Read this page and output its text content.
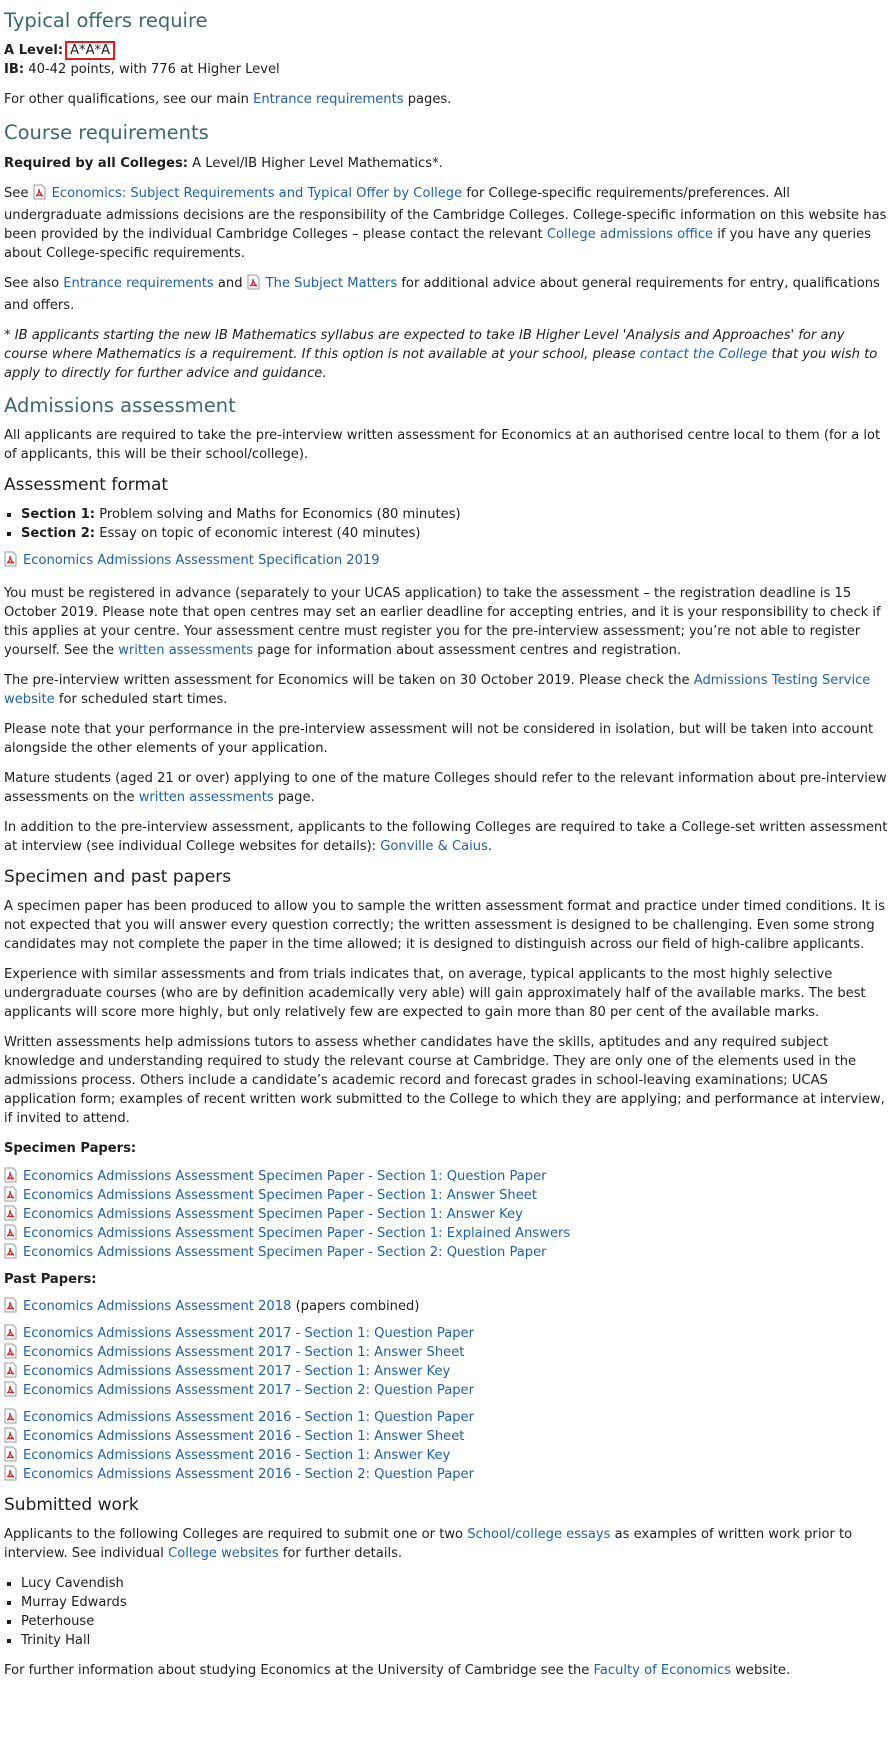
Typical offers require
A Level: A*A*A
IB: 40-42 points, with 776 at Higher Level

For other qualifications, see our main Entrance requirements pages.

Course requirements

Required by all Colleges: A Level/IB Higher Level Mathematics*.

See Economics: Subject Requirements and Typical Offer by College for College-specific requirements/preferences. All undergraduate admissions decisions are the responsibility of the Cambridge Colleges. College-specific information on this website has been provided by the individual Cambridge Colleges – please contact the relevant College admissions office if you have any queries about College-specific requirements.

See also Entrance requirements and The Subject Matters for additional advice about general requirements for entry, qualifications and offers.

* IB applicants starting the new IB Mathematics syllabus are expected to take IB Higher Level 'Analysis and Approaches' for any course where Mathematics is a requirement. If this option is not available at your school, please contact the College that you wish to apply to directly for further advice and guidance.

Admissions assessment

All applicants are required to take the pre-interview written assessment for Economics at an authorised centre local to them (for a lot of applicants, this will be their school/college).

Assessment format
▪ Section 1: Problem solving and Maths for Economics (80 minutes)
▪ Section 2: Essay on topic of economic interest (40 minutes)
Economics Admissions Assessment Specification 2019

You must be registered in advance (separately to your UCAS application) to take the assessment – the registration deadline is 15 October 2019. Please note that open centres may set an earlier deadline for accepting entries, and it is your responsibility to check if this applies at your centre. Your assessment centre must register you for the pre-interview assessment; you’re not able to register yourself. See the written assessments page for information about assessment centres and registration.

The pre-interview written assessment for Economics will be taken on 30 October 2019. Please check the Admissions Testing Service website for scheduled start times.

Please note that your performance in the pre-interview assessment will not be considered in isolation, but will be taken into account alongside the other elements of your application.

Mature students (aged 21 or over) applying to one of the mature Colleges should refer to the relevant information about pre-interview assessments on the written assessments page.

In addition to the pre-interview assessment, applicants to the following Colleges are required to take a College-set written assessment at interview (see individual College websites for details): Gonville & Caius.

Specimen and past papers

A specimen paper has been produced to allow you to sample the written assessment format and practice under timed conditions. It is not expected that you will answer every question correctly; the written assessment is designed to be challenging. Even some strong candidates may not complete the paper in the time allowed; it is designed to distinguish across our field of high-calibre applicants.

Experience with similar assessments and from trials indicates that, on average, typical applicants to the most highly selective undergraduate courses (who are by definition academically very able) will gain approximately half of the available marks. The best applicants will score more highly, but only relatively few are expected to gain more than 80 per cent of the available marks.

Written assessments help admissions tutors to assess whether candidates have the skills, aptitudes and any required subject knowledge and understanding required to study the relevant course at Cambridge. They are only one of the elements used in the admissions process. Others include a candidate’s academic record and forecast grades in school-leaving examinations; UCAS application form; examples of recent written work submitted to the College to which they are applying; and performance at interview, if invited to attend.

Specimen Papers:
Economics Admissions Assessment Specimen Paper - Section 1: Question Paper
Economics Admissions Assessment Specimen Paper - Section 1: Answer Sheet
Economics Admissions Assessment Specimen Paper - Section 1: Answer Key
Economics Admissions Assessment Specimen Paper - Section 1: Explained Answers
Economics Admissions Assessment Specimen Paper - Section 2: Question Paper
Past Papers:
Economics Admissions Assessment 2018 (papers combined)
Economics Admissions Assessment 2017 - Section 1: Question Paper
Economics Admissions Assessment 2017 - Section 1: Answer Sheet
Economics Admissions Assessment 2017 - Section 1: Answer Key
Economics Admissions Assessment 2017 - Section 2: Question Paper
Economics Admissions Assessment 2016 - Section 1: Question Paper
Economics Admissions Assessment 2016 - Section 1: Answer Sheet
Economics Admissions Assessment 2016 - Section 1: Answer Key
Economics Admissions Assessment 2016 - Section 2: Question Paper
Submitted work

Applicants to the following Colleges are required to submit one or two School/college essays as examples of written work prior to interview. See individual College websites for further details.

▪ Lucy Cavendish
▪ Murray Edwards
▪ Peterhouse
▪ Trinity Hall

For further information about studying Economics at the University of Cambridge see the Faculty of Economics website.
